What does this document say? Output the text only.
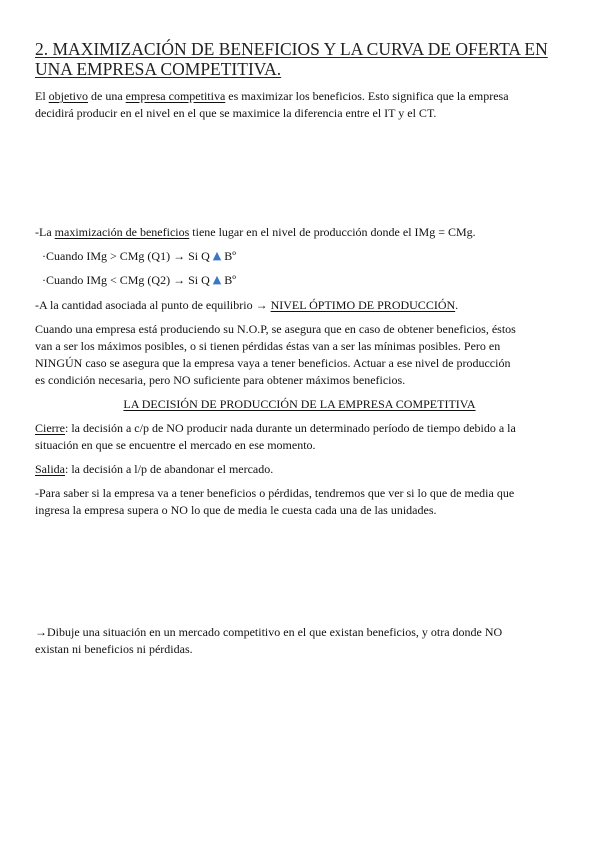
2. MAXIMIZACIÓN DE BENEFICIOS Y LA CURVA DE OFERTA EN
UNA EMPRESA COMPETITIVA.
El objetivo de una empresa competitiva es maximizar los beneficios. Esto significa que la empresa
decidirá producir en el nivel en el que se maximice la diferencia entre el IT y el CT.
-La maximización de beneficios tiene lugar en el nivel de producción donde el IMg = CMg.
·Cuando IMg > CMg (Q1) → Si Q ▲ Bº
·Cuando IMg < CMg (Q2) → Si Q ▲ Bº
-A la cantidad asociada al punto de equilibrio → NIVEL ÓPTIMO DE PRODUCCIÓN.
Cuando una empresa está produciendo su N.O.P, se asegura que en caso de obtener beneficios, éstos
van a ser los máximos posibles, o si tienen pérdidas éstas van a ser las mínimas posibles. Pero en
NINGÚN caso se asegura que la empresa vaya a tener beneficios. Actuar a ese nivel de producción
es condición necesaria, pero NO suficiente para obtener máximos beneficios.
LA DECISIÓN DE PRODUCCIÓN DE LA EMPRESA COMPETITIVA
Cierre: la decisión a c/p de NO producir nada durante un determinado período de tiempo debido a la
situación en que se encuentre el mercado en ese momento.
Salida: la decisión a l/p de abandonar el mercado.
-Para saber si la empresa va a tener beneficios o pérdidas, tendremos que ver si lo que de media que
ingresa la empresa supera o NO lo que de media le cuesta cada una de las unidades.
→Dibuje una situación en un mercado competitivo en el que existan beneficios, y otra donde NO
existan ni beneficios ni pérdidas.
